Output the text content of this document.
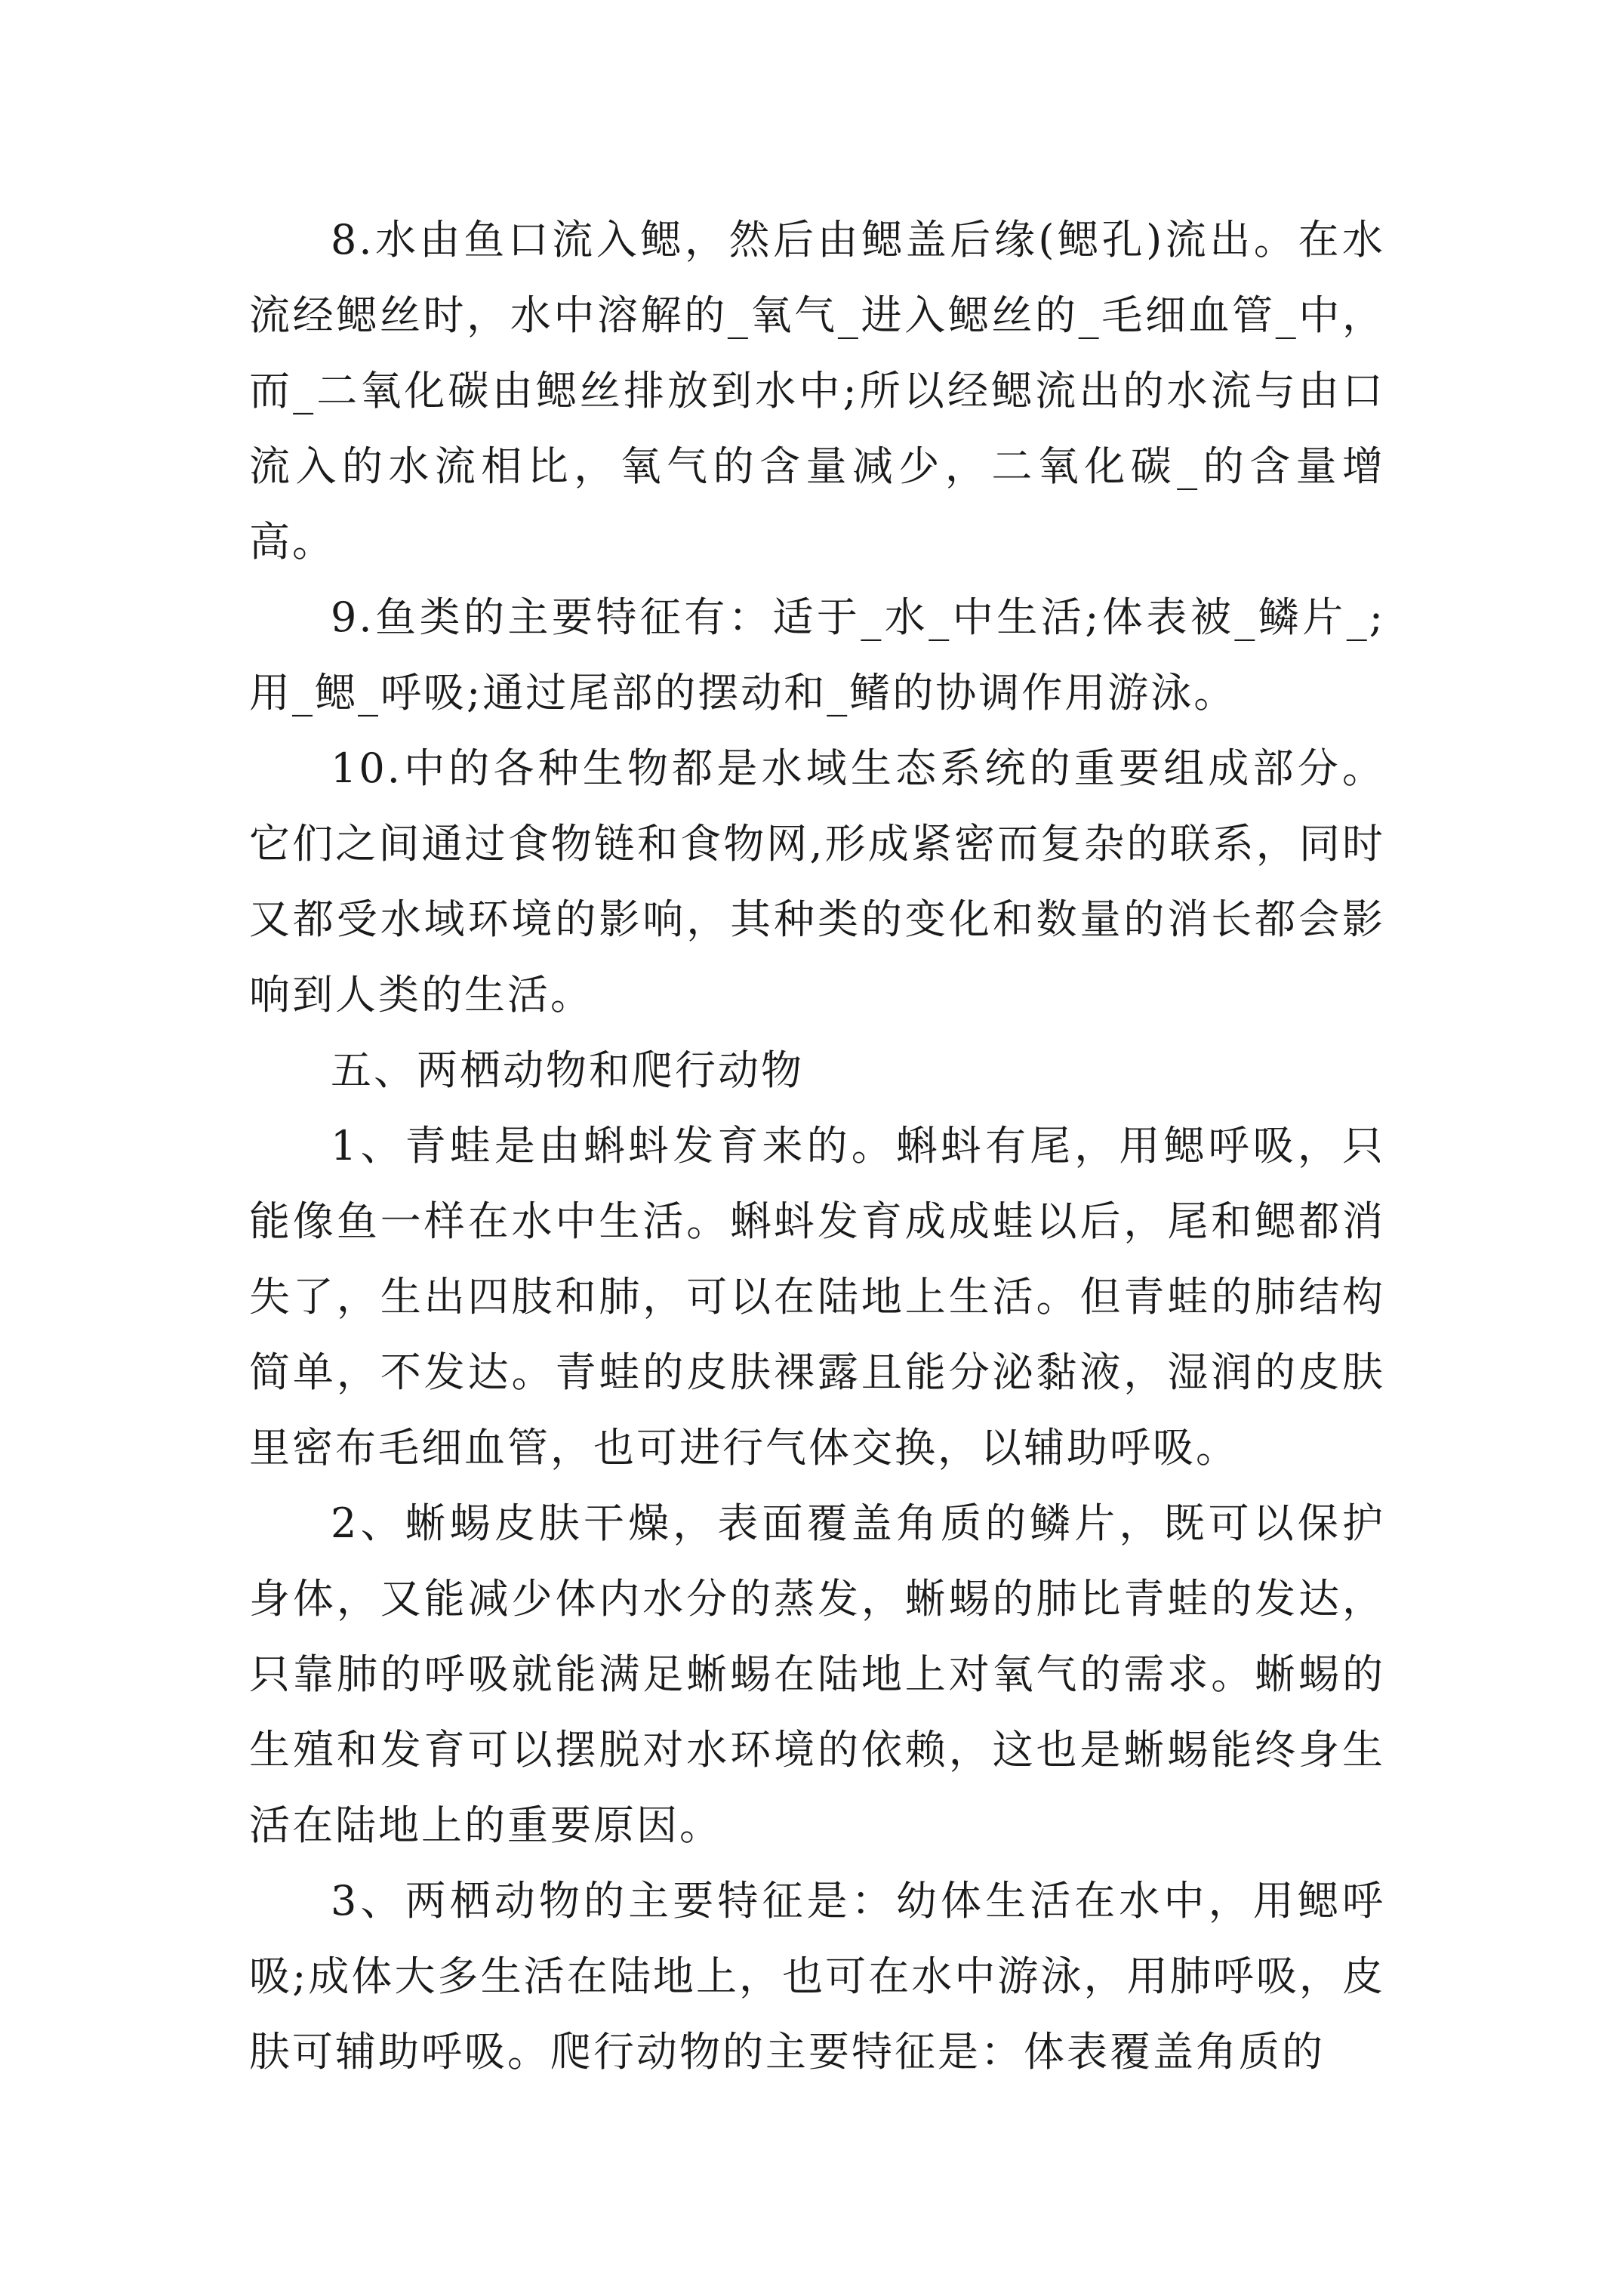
8.水由鱼口流入鳃，然后由鳃盖后缘(鳃孔)流出。在水流经鳃丝时，水中溶解的_氧气_进入鳃丝的_毛细血管_中，而_二氧化碳由鳃丝排放到水中;所以经鳃流出的水流与由口流入的水流相比，氧气的含量减少，二氧化碳_的含量增高。

9.鱼类的主要特征有：适于_水_中生活;体表被_鳞片_;用_鳃_呼吸;通过尾部的摆动和_鳍的协调作用游泳。

10.中的各种生物都是水域生态系统的重要组成部分。它们之间通过食物链和食物网,形成紧密而复杂的联系，同时又都受水域环境的影响，其种类的变化和数量的消长都会影响到人类的生活。

五、两栖动物和爬行动物

1、青蛙是由蝌蚪发育来的。蝌蚪有尾，用鳃呼吸，只能像鱼一样在水中生活。蝌蚪发育成成蛙以后，尾和鳃都消失了，生出四肢和肺，可以在陆地上生活。但青蛙的肺结构简单，不发达。青蛙的皮肤裸露且能分泌黏液，湿润的皮肤里密布毛细血管，也可进行气体交换，以辅助呼吸。

2、蜥蜴皮肤干燥，表面覆盖角质的鳞片，既可以保护身体，又能减少体内水分的蒸发，蜥蜴的肺比青蛙的发达，只靠肺的呼吸就能满足蜥蜴在陆地上对氧气的需求。蜥蜴的生殖和发育可以摆脱对水环境的依赖，这也是蜥蜴能终身生活在陆地上的重要原因。

3、两栖动物的主要特征是：幼体生活在水中，用鳃呼吸;成体大多生活在陆地上，也可在水中游泳，用肺呼吸，皮肤可辅助呼吸。爬行动物的主要特征是：体表覆盖角质的
